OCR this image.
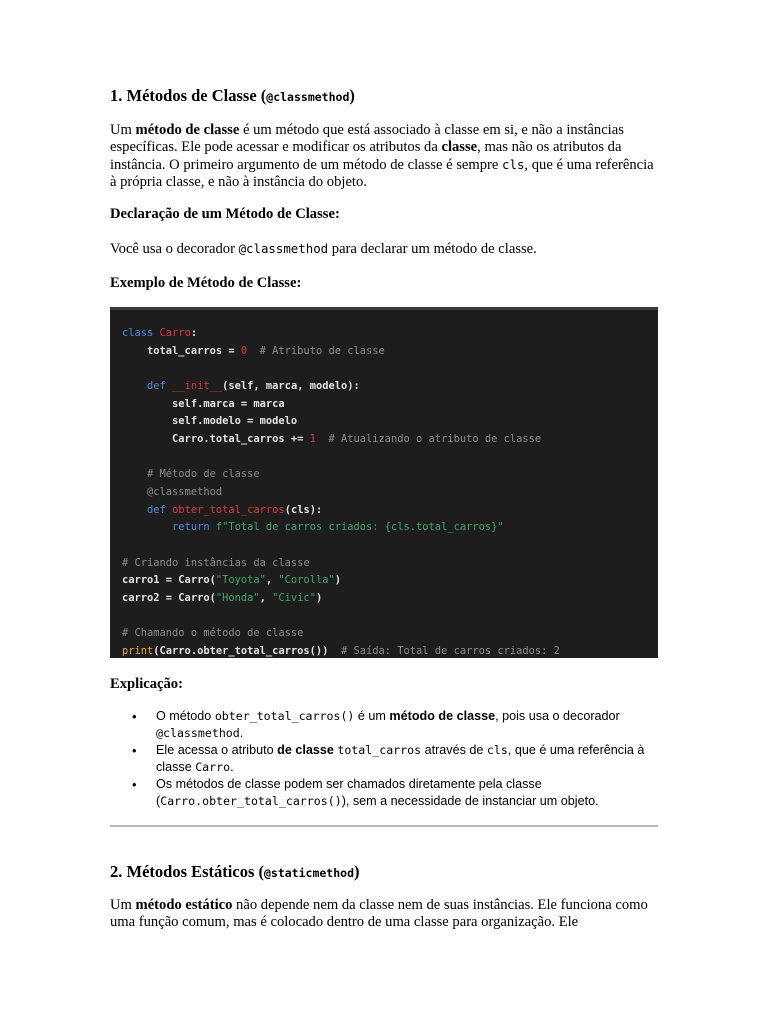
1. Métodos de Classe (@classmethod)
Um método de classe é um método que está associado à classe em si, e não a instâncias específicas. Ele pode acessar e modificar os atributos da classe, mas não os atributos da instância. O primeiro argumento de um método de classe é sempre cls, que é uma referência à própria classe, e não à instância do objeto.
Declaração de um Método de Classe:
Você usa o decorador @classmethod para declarar um método de classe.
Exemplo de Método de Classe:
class Carro:
total_carros = 0  # Atributo de classe

def __init__(self, marca, modelo):
self.marca = marca
self.modelo = modelo
Carro.total_carros += 1  # Atualizando o atributo de classe

# Método de classe
@classmethod
def obter_total_carros(cls):
return f"Total de carros criados: {cls.total_carros}"

# Criando instâncias da classe
carro1 = Carro("Toyota", "Corolla")
carro2 = Carro("Honda", "Civic")

# Chamando o método de classe
print(Carro.obter_total_carros())  # Saída: Total de carros criados: 2
Explicação:
• O método obter_total_carros() é um método de classe, pois usa o decorador @classmethod.
• Ele acessa o atributo de classe total_carros através de cls, que é uma referência à classe Carro.
• Os métodos de classe podem ser chamados diretamente pela classe (Carro.obter_total_carros()), sem a necessidade de instanciar um objeto.
2. Métodos Estáticos (@staticmethod)
Um método estático não depende nem da classe nem de suas instâncias. Ele funciona como uma função comum, mas é colocado dentro de uma classe para organização. Ele
